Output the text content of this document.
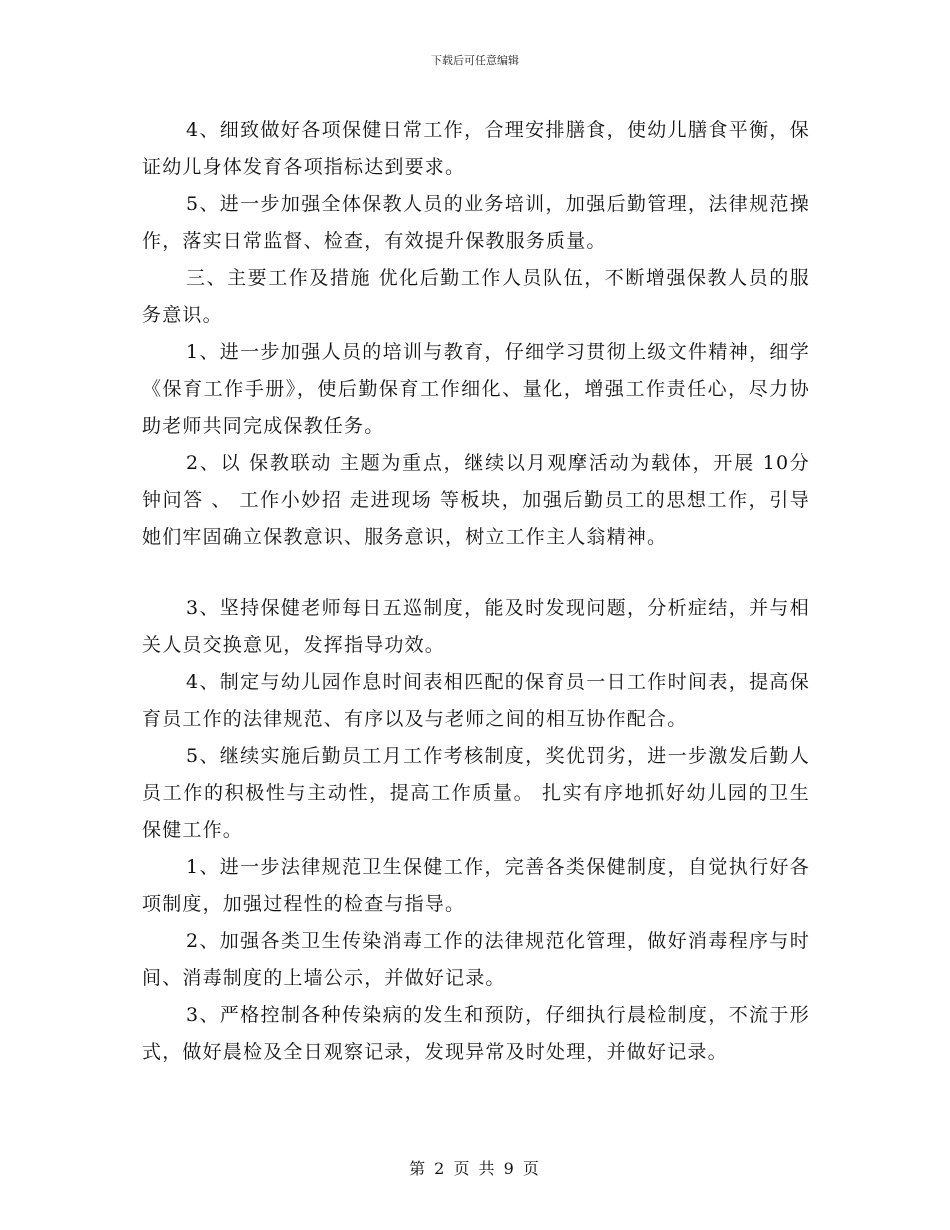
下载后可任意编辑

4、细致做好各项保健日常工作，合理安排膳食，使幼儿膳食平衡，保证幼儿身体发育各项指标达到要求。

5、进一步加强全体保教人员的业务培训，加强后勤管理，法律规范操作，落实日常监督、检查，有效提升保教服务质量。

三、主要工作及措施 优化后勤工作人员队伍，不断增强保教人员的服务意识。

1、进一步加强人员的培训与教育，仔细学习贯彻上级文件精神，细学《保育工作手册》，使后勤保育工作细化、量化，增强工作责任心，尽力协助老师共同完成保教任务。

2、以 保教联动 主题为重点，继续以月观摩活动为载体，开展 10分钟问答 、 工作小妙招 走进现场 等板块，加强后勤员工的思想工作，引导她们牢固确立保教意识、服务意识，树立工作主人翁精神。

3、坚持保健老师每日五巡制度，能及时发现问题，分析症结，并与相关人员交换意见，发挥指导功效。

4、制定与幼儿园作息时间表相匹配的保育员一日工作时间表，提高保育员工作的法律规范、有序以及与老师之间的相互协作配合。

5、继续实施后勤员工月工作考核制度，奖优罚劣，进一步激发后勤人员工作的积极性与主动性，提高工作质量。 扎实有序地抓好幼儿园的卫生保健工作。

1、进一步法律规范卫生保健工作，完善各类保健制度，自觉执行好各项制度，加强过程性的检查与指导。

2、加强各类卫生传染消毒工作的法律规范化管理，做好消毒程序与时间、消毒制度的上墙公示，并做好记录。

3、严格控制各种传染病的发生和预防，仔细执行晨检制度，不流于形式，做好晨检及全日观察记录，发现异常及时处理，并做好记录。

第 2 页 共 9 页
